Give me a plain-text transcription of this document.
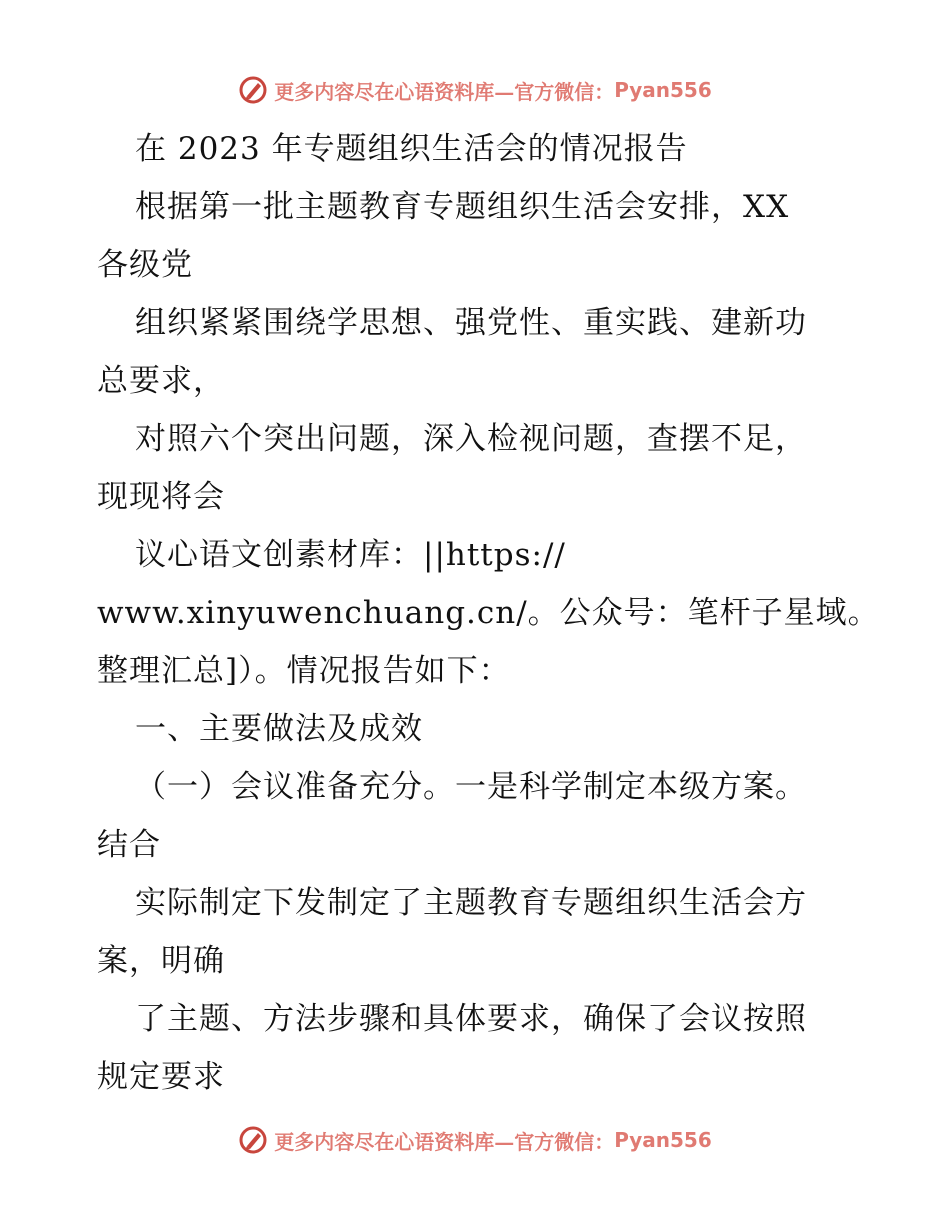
更多内容尽在心语资料库—官方微信： Pyan556
在 2023 年专题组织生活会的情况报告
根据第一批主题教育专题组织生活会安排，XX
各级党
组织紧紧围绕学思想、强党性、重实践、建新功
总要求，
对照六个突出问题，深入检视问题，查摆不足，
现现将会
议心语文创素材库：||https://
www.xinyuwenchuang.cn/。公众号：笔杆子星域。
整理汇总]）。情况报告如下：
一、主要做法及成效
（一）会议准备充分。一是科学制定本级方案。
结合
实际制定下发制定了主题教育专题组织生活会方
案，明确
了主题、方法步骤和具体要求，确保了会议按照
规定要求
更多内容尽在心语资料库—官方微信： Pyan556
